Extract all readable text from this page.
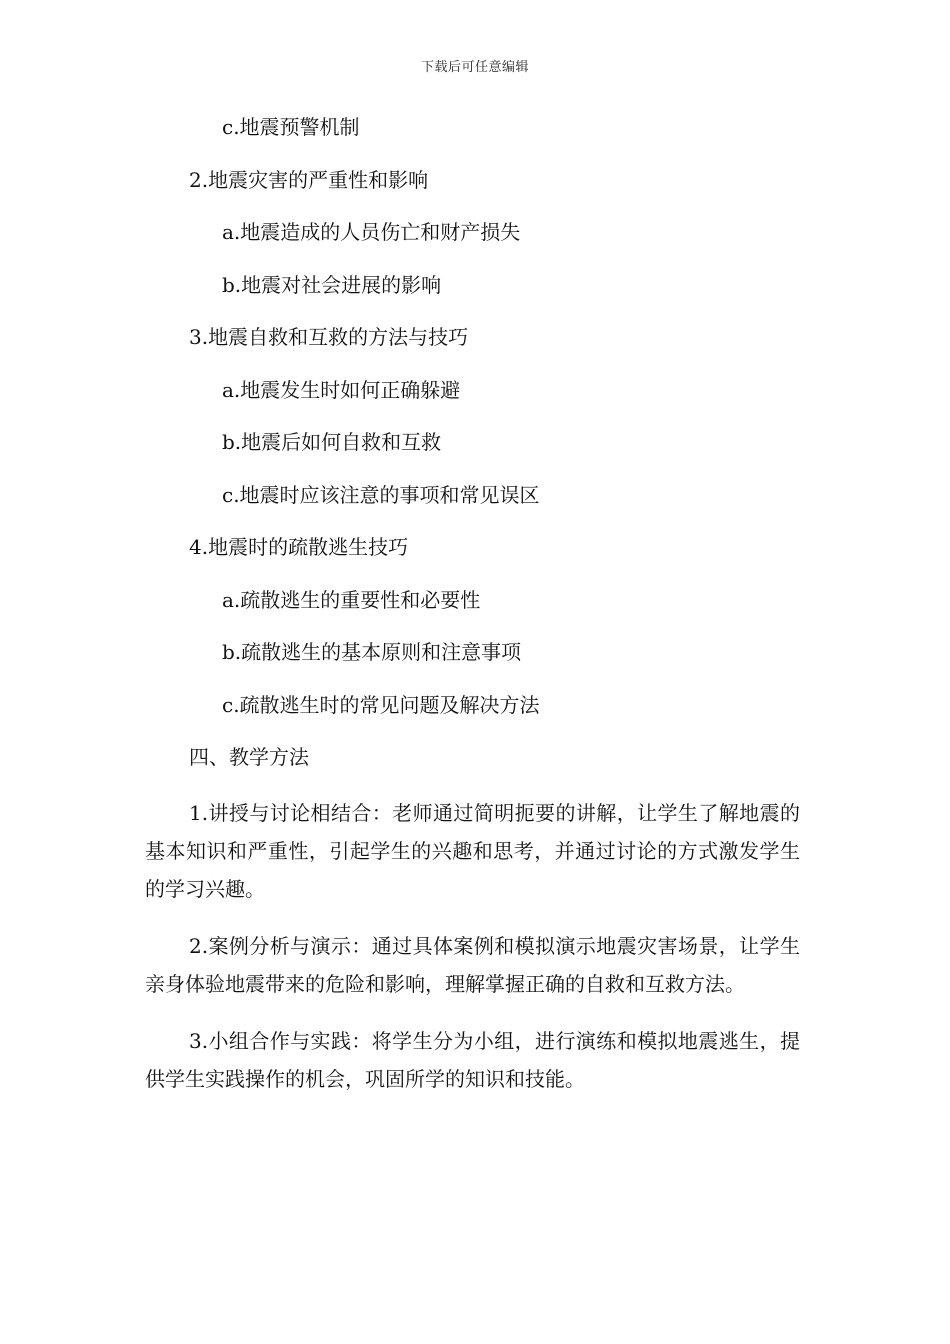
下载后可任意编辑
c.地震预警机制
2.地震灾害的严重性和影响
a.地震造成的人员伤亡和财产损失
b.地震对社会进展的影响
3.地震自救和互救的方法与技巧
a.地震发生时如何正确躲避
b.地震后如何自救和互救
c.地震时应该注意的事项和常见误区
4.地震时的疏散逃生技巧
a.疏散逃生的重要性和必要性
b.疏散逃生的基本原则和注意事项
c.疏散逃生时的常见问题及解决方法
四、教学方法
1.讲授与讨论相结合：老师通过简明扼要的讲解，让学生了解地震的基本知识和严重性，引起学生的兴趣和思考，并通过讨论的方式激发学生的学习兴趣。
2.案例分析与演示：通过具体案例和模拟演示地震灾害场景，让学生亲身体验地震带来的危险和影响，理解掌握正确的自救和互救方法。
3.小组合作与实践：将学生分为小组，进行演练和模拟地震逃生，提供学生实践操作的机会，巩固所学的知识和技能。
